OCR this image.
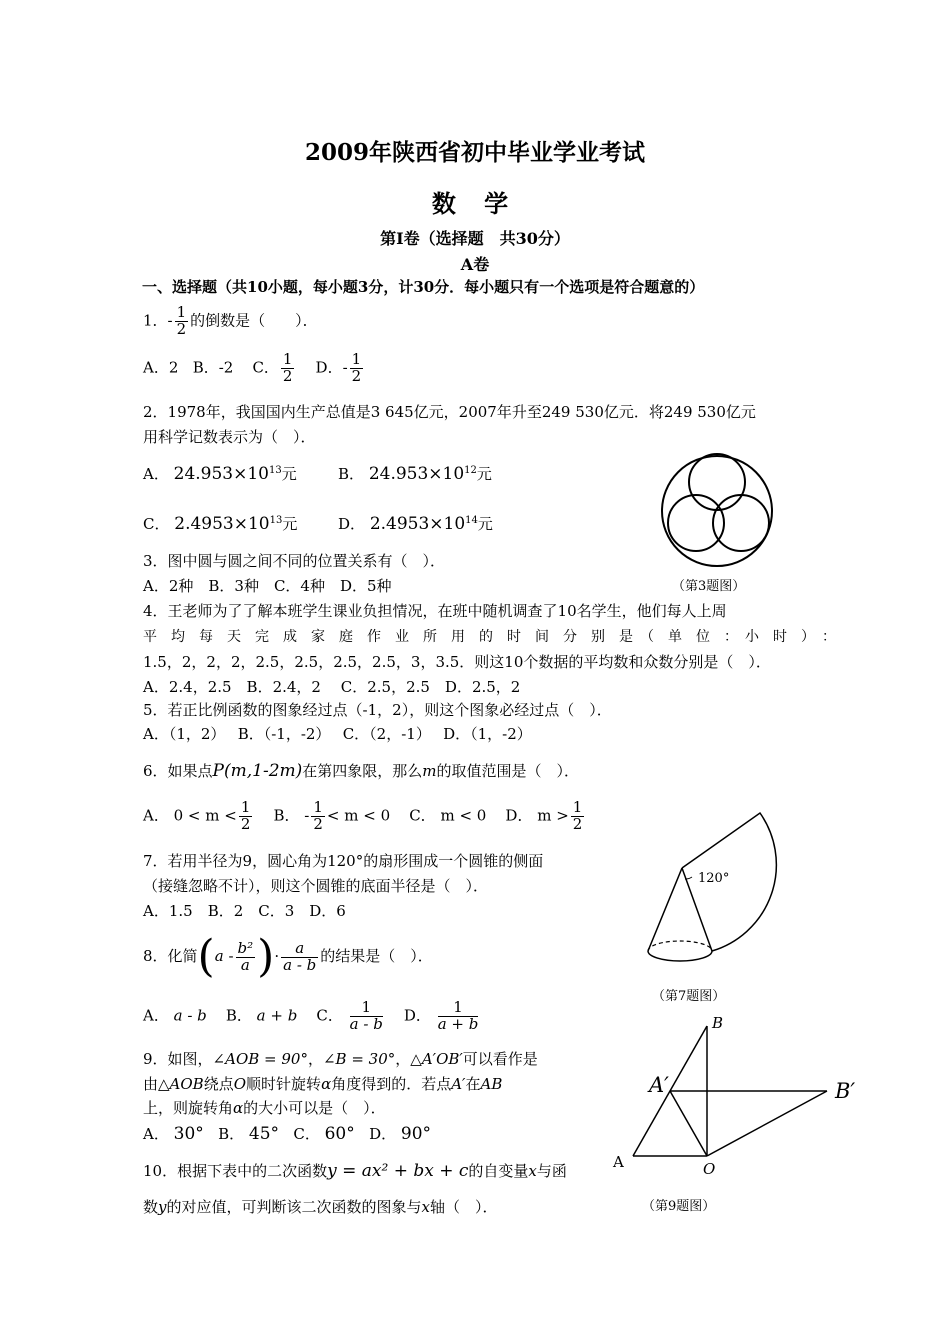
2009年陕西省初中毕业学业考试
数 学
第Ⅰ卷（选择题　共30分）
A卷
一、选择题（共10小题，每小题3分，计30分．每小题只有一个选项是符合题意的）
1．- $\frac{1}{2}$ 的倒数是（　　）．
A．2 B．-2 C． $\frac{1}{2}$ D．- $\frac{1}{2}$
2．1978年，我国国内生产总值是3 645亿元，2007年升至249 530亿元．将249 530亿元
用科学记数表示为（　）．
A． $24.953\times 10^{13}$元	B． $24.953\times 10^{12}$元
C． $2.4953\times 10^{13}$元	D． $2.4953\times 10^{14}$元
（第3题图）
3．图中圆与圆之间不同的位置关系有（　）．
A．2种　B．3种　C．4种　D．5种
4．王老师为了了解本班学生课业负担情况，在班中随机调查了10名学生，他们每人上周
平　均　每　天　完　成　家　庭　作　业　所　用　的　时　间　分　别　是　（　单　位　：　小　时　）　：
1.5，2，2，2，2.5，2.5，2.5，2.5，3，3.5．则这10个数据的平均数和众数分别是（　）．
A．2.4，2.5　B．2.4，2　 C．2.5，2.5　D．2.5，2
5．若正比例函数的图象经过点（-1，2），则这个图象必经过点（　）．
A．（1，2）　 B．（-1，-2）　 C．（2，-1）　 D．（1，-2）
6．如果点P(m,1-2m)在第四象限，那么m的取值范围是（　）．
A． $0 < m < \frac{1}{2}$ B． - $\frac{1}{2} < m < 0$ C． m < 0 D． $m > \frac{1}{2}$
7．若用半径为9，圆心角为120°的扇形围成一个圆锥的侧面
（接缝忽略不计），则这个圆锥的底面半径是（　）．
A．1.5　B．2　C．3　D．6
120°
（第7题图）
8．化简($a - \frac{\text{b²}}{a}$ )· $\frac{a}{a - b}$ 的结果是（　）．
A． a - b B． a + b C． $\frac{1}{a - b}$ D． $\frac{1}{a + b}$
9．如图，∠AOB = 90°，∠B = 30°，△A′OB′可以看作是
由△AOB绕点O顺时针旋转α角度得到的．若点A′在AB
上，则旋转角α的大小可以是（　）．
A． 30° B． 45° C． 60° D． 90°
B
A′	B′
A	O
（第9题图）
10．根据下表中的二次函数y = ax² + bx + c的自变量x与函
数y的对应值，可判断该二次函数的图象与x轴（　）．
